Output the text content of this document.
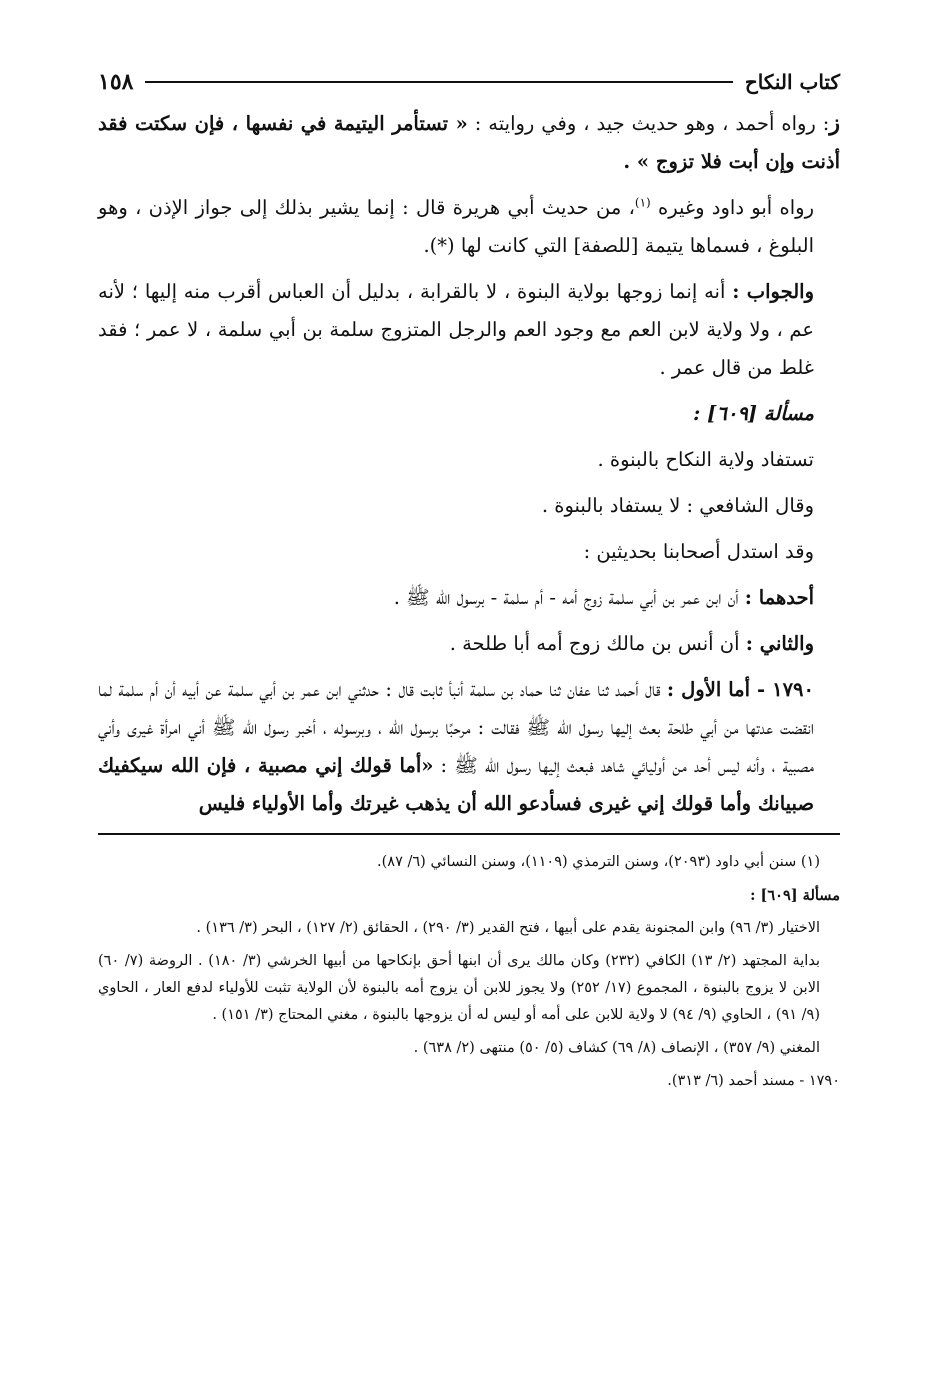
كتاب النكاح
١٥٨

ز: رواه أحمد ، وهو حديث جيد ، وفي روايته : « تستأمر اليتيمة في نفسها ، فإن سكتت فقد أذنت وإن أبت فلا تزوج » .

رواه أبو داود وغيره $^{(١)}$، من حديث أبي هريرة قال : إنما يشير بذلك إلى جواز الإذن ، وهو البلوغ ، فسماها يتيمة [للصفة] التي كانت لها (*).

والجواب : أنه إنما زوجها بولاية البنوة ، لا بالقرابة ، بدليل أن العباس أقرب منه إليها ؛ لأنه عم ، ولا ولاية لابن العم مع وجود العم والرجل المتزوج سلمة بن أبي سلمة ، لا عمر ؛ فقد غلط من قال عمر .

مسألة [٦٠٩] :

تستفاد ولاية النكاح بالبنوة .

وقال الشافعي : لا يستفاد بالبنوة .

وقد استدل أصحابنا بحديثين :

أحدهما : أن ابن عمر بن أبي سلمة زوج أمه - أم سلمة - برسول الله ﷺ .

والثاني : أن أنس بن مالك زوج أمه أبا طلحة .

١٧٩٠ - أما الأول : قال أحمد ثنا عفان ثنا حماد بن سلمة أنبأ ثابت قال : حدثني ابن عمر بن أبي سلمة عن أبيه أن أم سلمة لما انقضت عدتها من أبي طلحة بعث إليها رسول الله ﷺ فقالت : مرحبًا برسول الله ، وبرسوله ، أخبر رسول الله ﷺ أني امرأة غيرى وأني مصبية ، وأنه ليس أحد من أوليائي شاهد فبعث إليها رسول الله ﷺ : «أما قولك إني مصبية ، فإن الله سيكفيك صبيانك وأما قولك إني غيرى فسأدعو الله أن يذهب غيرتك وأما الأولياء فليس

(١) سنن أبي داود (٢٠٩٣)، وسنن الترمذي (١١٠٩)، وسنن النسائي (٦/ ٨٧).

مسألة [٦٠٩] :

الاختيار (٣/ ٩٦) وابن المجنونة يقدم على أبيها ، فتح القدير (٣/ ٢٩٠) ، الحقائق (٢/ ١٢٧) ، البحر (٣/ ١٣٦) .

بداية المجتهد (٢/ ١٣) الكافي (٢٣٢) وكان مالك يرى أن ابنها أحق بإنكاحها من أبيها الخرشي (٣/ ١٨٠) . الروضة (٧/ ٦٠) الابن لا يزوج بالبنوة ، المجموع (١٧/ ٢٥٢) ولا يجوز للابن أن يزوج أمه بالبنوة لأن الولاية تثبت للأولياء لدفع العار ، الحاوي (٩/ ٩١) ، الحاوي (٩/ ٩٤) لا ولاية للابن على أمه أو ليس له أن يزوجها بالبنوة ، مغني المحتاج (٣/ ١٥١) .

المغني (٩/ ٣٥٧) ، الإنصاف (٨/ ٦٩) كشاف (٥/ ٥٠) منتهى (٢/ ٦٣٨) .

١٧٩٠ - مسند أحمد (٦/ ٣١٣).
